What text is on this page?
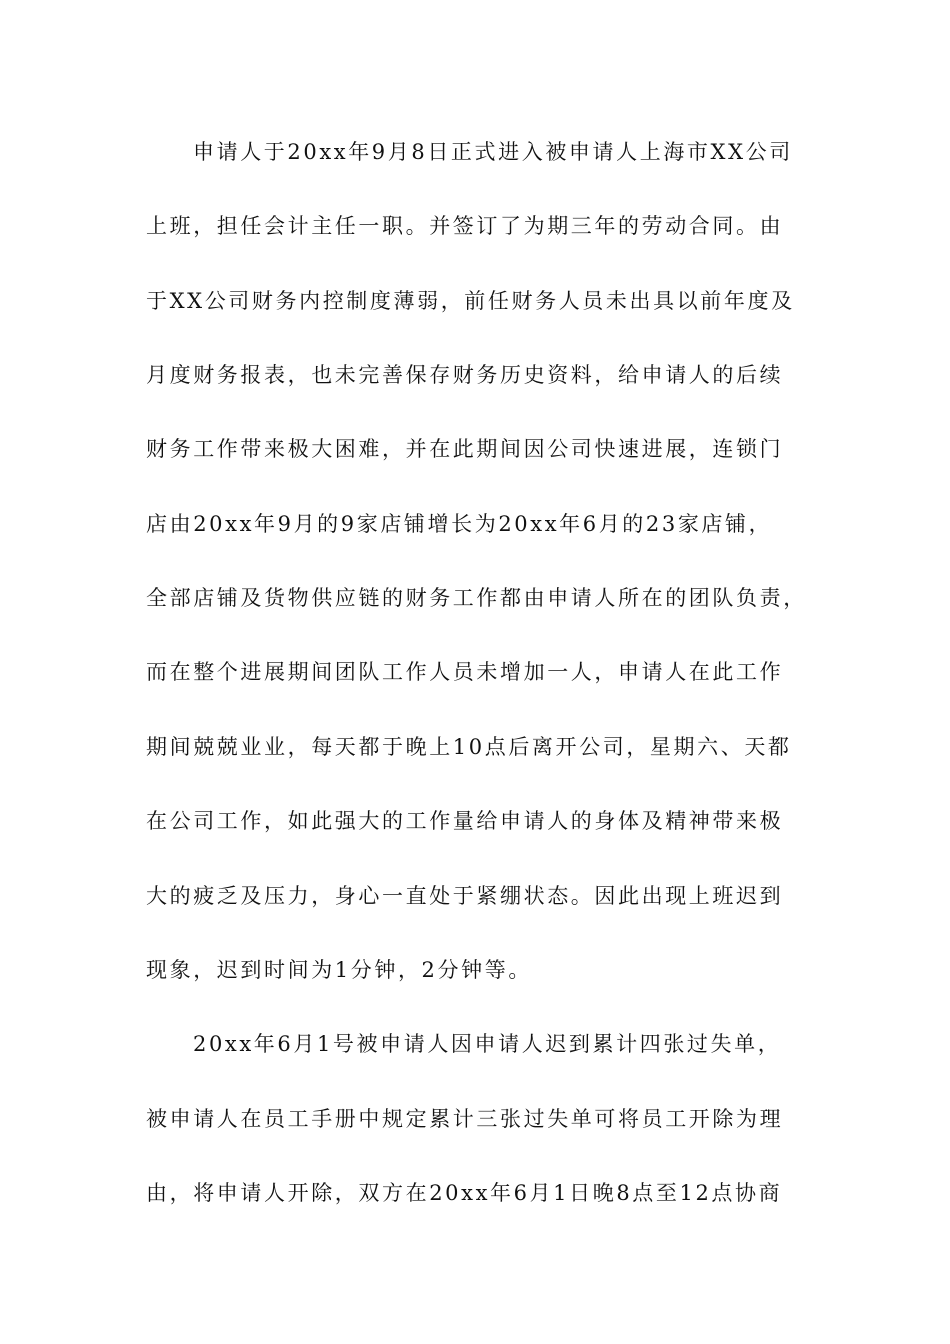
申请人于20xx年9月8日正式进入被申请人上海市XX公司
上班，担任会计主任一职。并签订了为期三年的劳动合同。由
于XX公司财务内控制度薄弱，前任财务人员未出具以前年度及
月度财务报表，也未完善保存财务历史资料，给申请人的后续
财务工作带来极大困难，并在此期间因公司快速进展，连锁门
店由20xx年9月的9家店铺增长为20xx年6月的23家店铺，
全部店铺及货物供应链的财务工作都由申请人所在的团队负责，
而在整个进展期间团队工作人员未增加一人，申请人在此工作
期间兢兢业业，每天都于晚上10点后离开公司，星期六、天都
在公司工作，如此强大的工作量给申请人的身体及精神带来极
大的疲乏及压力，身心一直处于紧绷状态。因此出现上班迟到
现象，迟到时间为1分钟，2分钟等。
20xx年6月1号被申请人因申请人迟到累计四张过失单，
被申请人在员工手册中规定累计三张过失单可将员工开除为理
由，将申请人开除，双方在20xx年6月1日晚8点至12点协商
